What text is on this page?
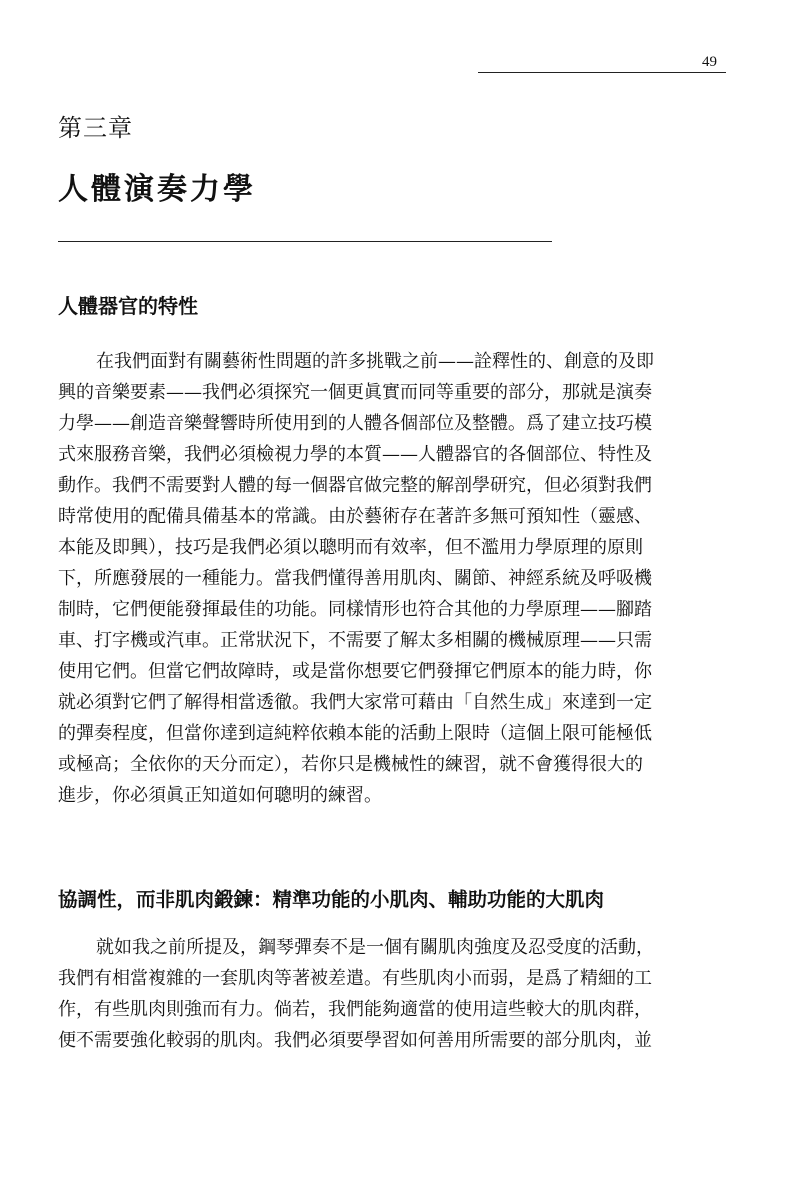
49
第三章
人體演奏力學
人體器官的特性
在我們面對有關藝術性問題的許多挑戰之前——詮釋性的、創意的及即
興的音樂要素——我們必須探究一個更眞實而同等重要的部分，那就是演奏
力學——創造音樂聲響時所使用到的人體各個部位及整體。爲了建立技巧模
式來服務音樂，我們必須檢視力學的本質——人體器官的各個部位、特性及
動作。我們不需要對人體的每一個器官做完整的解剖學研究，但必須對我們
時常使用的配備具備基本的常識。由於藝術存在著許多無可預知性（靈感、
本能及即興），技巧是我們必須以聰明而有效率，但不濫用力學原理的原則
下，所應發展的一種能力。當我們懂得善用肌肉、關節、神經系統及呼吸機
制時，它們便能發揮最佳的功能。同樣情形也符合其他的力學原理——腳踏
車、打字機或汽車。正常狀況下，不需要了解太多相關的機械原理——只需
使用它們。但當它們故障時，或是當你想要它們發揮它們原本的能力時，你
就必須對它們了解得相當透徹。我們大家常可藉由「自然生成」來達到一定
的彈奏程度，但當你達到這純粹依賴本能的活動上限時（這個上限可能極低
或極高；全依你的天分而定），若你只是機械性的練習，就不會獲得很大的
進步，你必須眞正知道如何聰明的練習。
協調性，而非肌肉鍛鍊：精準功能的小肌肉、輔助功能的大肌肉
就如我之前所提及，鋼琴彈奏不是一個有關肌肉強度及忍受度的活動，
我們有相當複雜的一套肌肉等著被差遣。有些肌肉小而弱，是爲了精細的工
作，有些肌肉則強而有力。倘若，我們能夠適當的使用這些較大的肌肉群，
便不需要強化較弱的肌肉。我們必須要學習如何善用所需要的部分肌肉，並
